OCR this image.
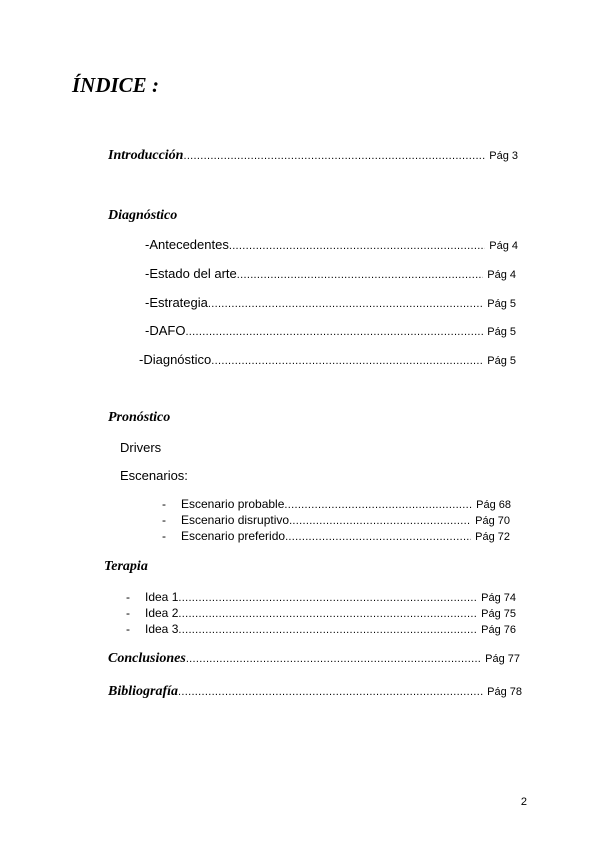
ÍNDICE :
Introducción .....	Pág 3
Diagnóstico
-Antecedentes .....	Pág 4
-Estado del arte .....	Pág 4
-Estrategia .....	Pág 5
-DAFO .....	Pág 5
-Diagnóstico .....	Pág 5
Pronóstico
Drivers
Escenarios:
- Escenario probable .....	Pág 68
- Escenario disruptivo .....	Pág 70
- Escenario preferido .....	Pág 72
Terapia
- Idea 1 .....	Pág 74
- Idea 2 .....	Pág 75
- Idea 3 .....	Pág 76
Conclusiones .....	Pág 77
Bibliografía .....	Pág 78
2
